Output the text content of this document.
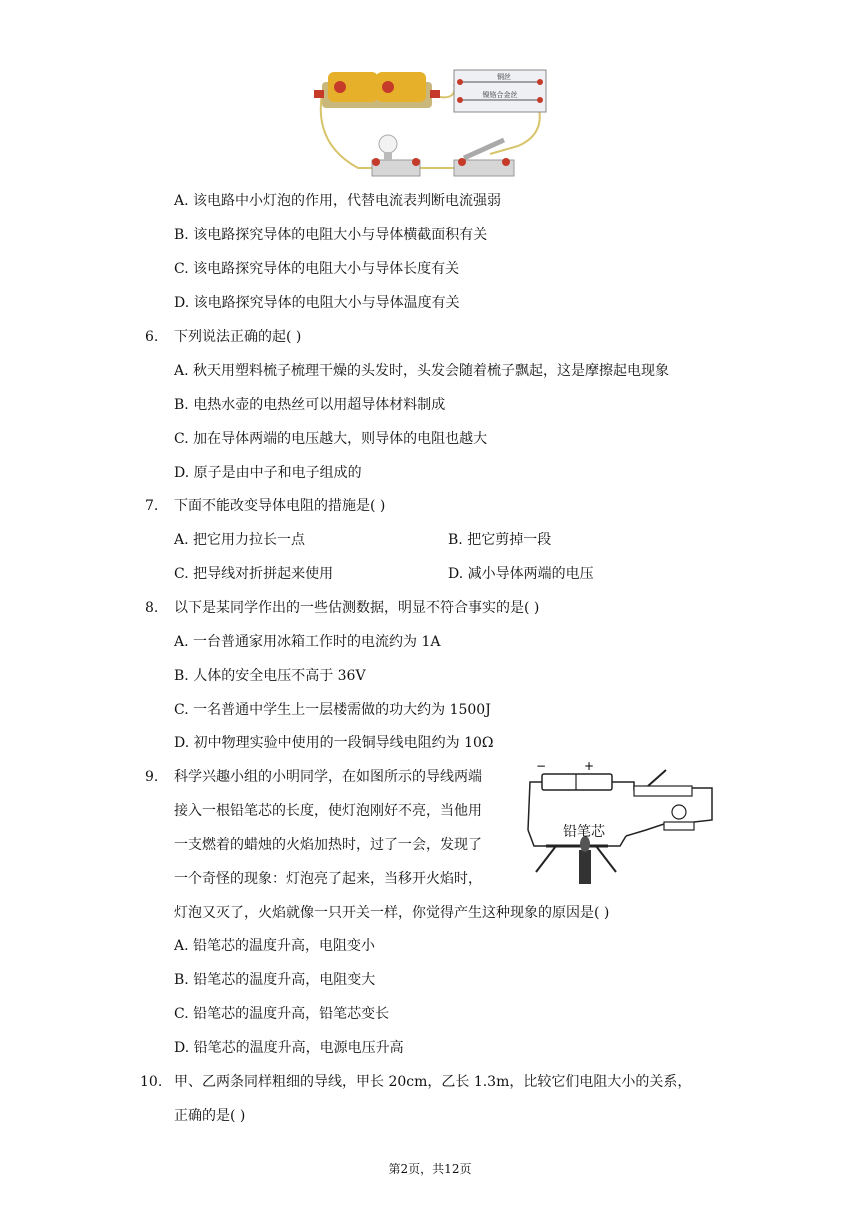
铜丝
镍铬合金丝
A. 该电路中小灯泡的作用，代替电流表判断电流强弱
B. 该电路探究导体的电阻大小与导体横截面积有关
C. 该电路探究导体的电阻大小与导体长度有关
D. 该电路探究导体的电阻大小与导体温度有关
6. 下列说法正确的起( )
A. 秋天用塑料梳子梳理干燥的头发时，头发会随着梳子飘起，这是摩擦起电现象
B. 电热水壶的电热丝可以用超导体材料制成
C. 加在导体两端的电压越大，则导体的电阻也越大
D. 原子是由中子和电子组成的
7. 下面不能改变导体电阻的措施是( )
A. 把它用力拉长一点	B. 把它剪掉一段
C. 把导线对折拼起来使用	D. 减小导体两端的电压
8. 以下是某同学作出的一些估测数据，明显不符合事实的是( )
A. 一台普通家用冰箱工作时的电流约为 1A
B. 人体的安全电压不高于 36V
C. 一名普通中学生上一层楼需做的功大约为 1500J
D. 初中物理实验中使用的一段铜导线电阻约为 10Ω
9. 科学兴趣小组的小明同学，在如图所示的导线两端
接入一根铅笔芯的长度，使灯泡刚好不亮，当他用
一支燃着的蜡烛的火焰加热时，过了一会，发现了
一个奇怪的现象：灯泡亮了起来，当移开火焰时，
灯泡又灭了，火焰就像一只开关一样，你觉得产生这种现象的原因是( )
−	+
铅笔芯
A. 铅笔芯的温度升高，电阻变小
B. 铅笔芯的温度升高，电阻变大
C. 铅笔芯的温度升高，铅笔芯变长
D. 铅笔芯的温度升高，电源电压升高
10. 甲、乙两条同样粗细的导线，甲长 20cm，乙长 1.3m，比较它们电阻大小的关系，
正确的是( )
第2页，共12页
